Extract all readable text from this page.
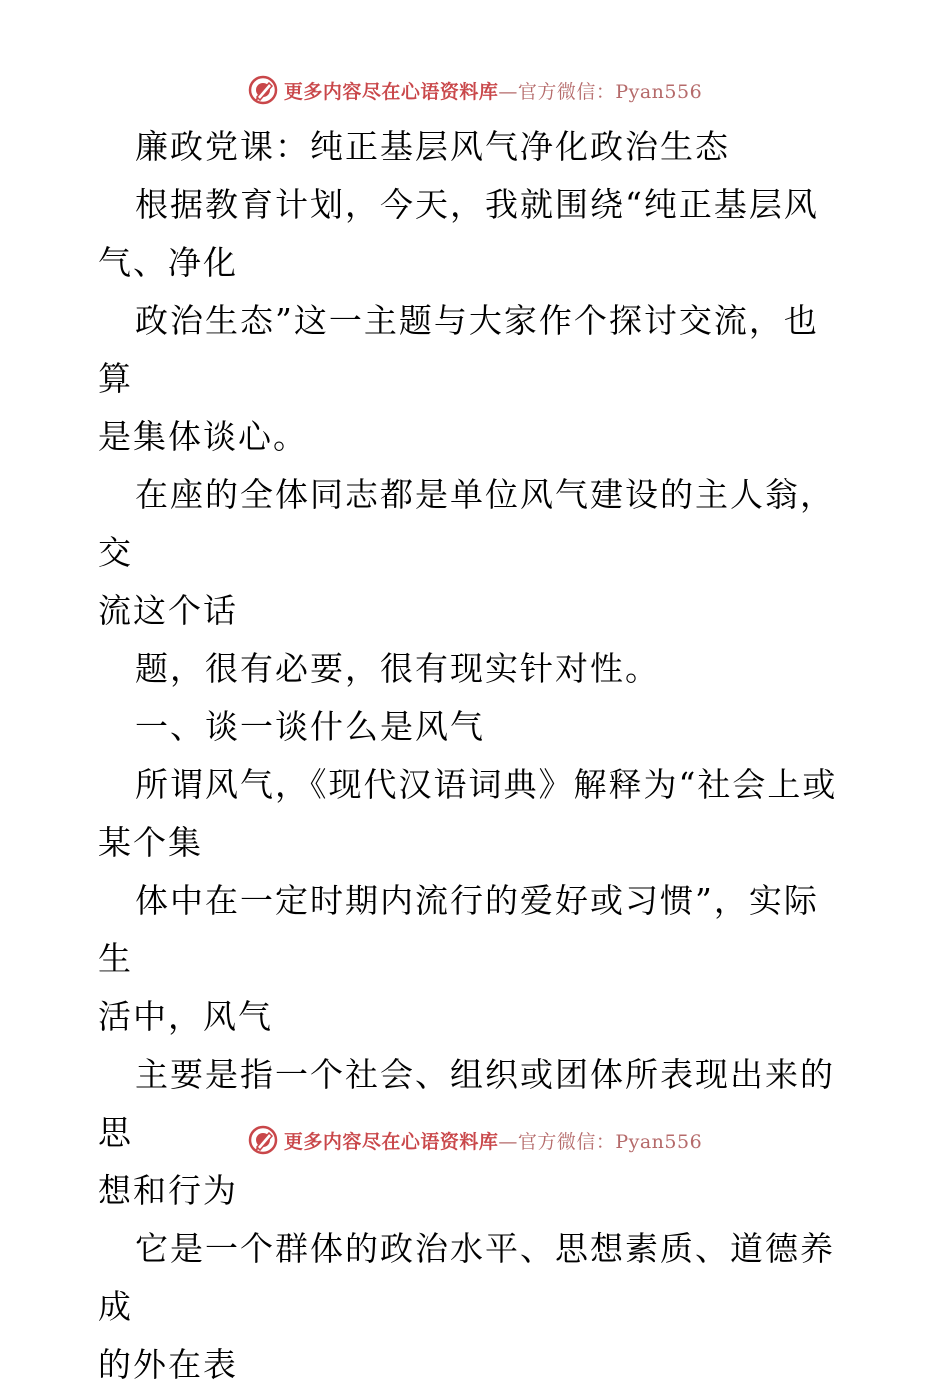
更多内容尽在心语资料库 —官方微信：Pyan556

廉政党课：纯正基层风气净化政治生态

根据教育计划，今天，我就围绕“纯正基层风

气、净化

政治生态”这一主题与大家作个探讨交流，也算

是集体谈心。

在座的全体同志都是单位风气建设的主人翁，交

流这个话

题，很有必要，很有现实针对性。

一、谈一谈什么是风气

所谓风气，《现代汉语词典》解释为“社会上或

某个集

体中在一定时期内流行的爱好或习惯”，实际生

活中，风气

主要是指一个社会、组织或团体所表现出来的思

想和行为

它是一个群体的政治水平、思想素质、道德养成

的外在表

更多内容尽在心语资料库 —官方微信：Pyan556
